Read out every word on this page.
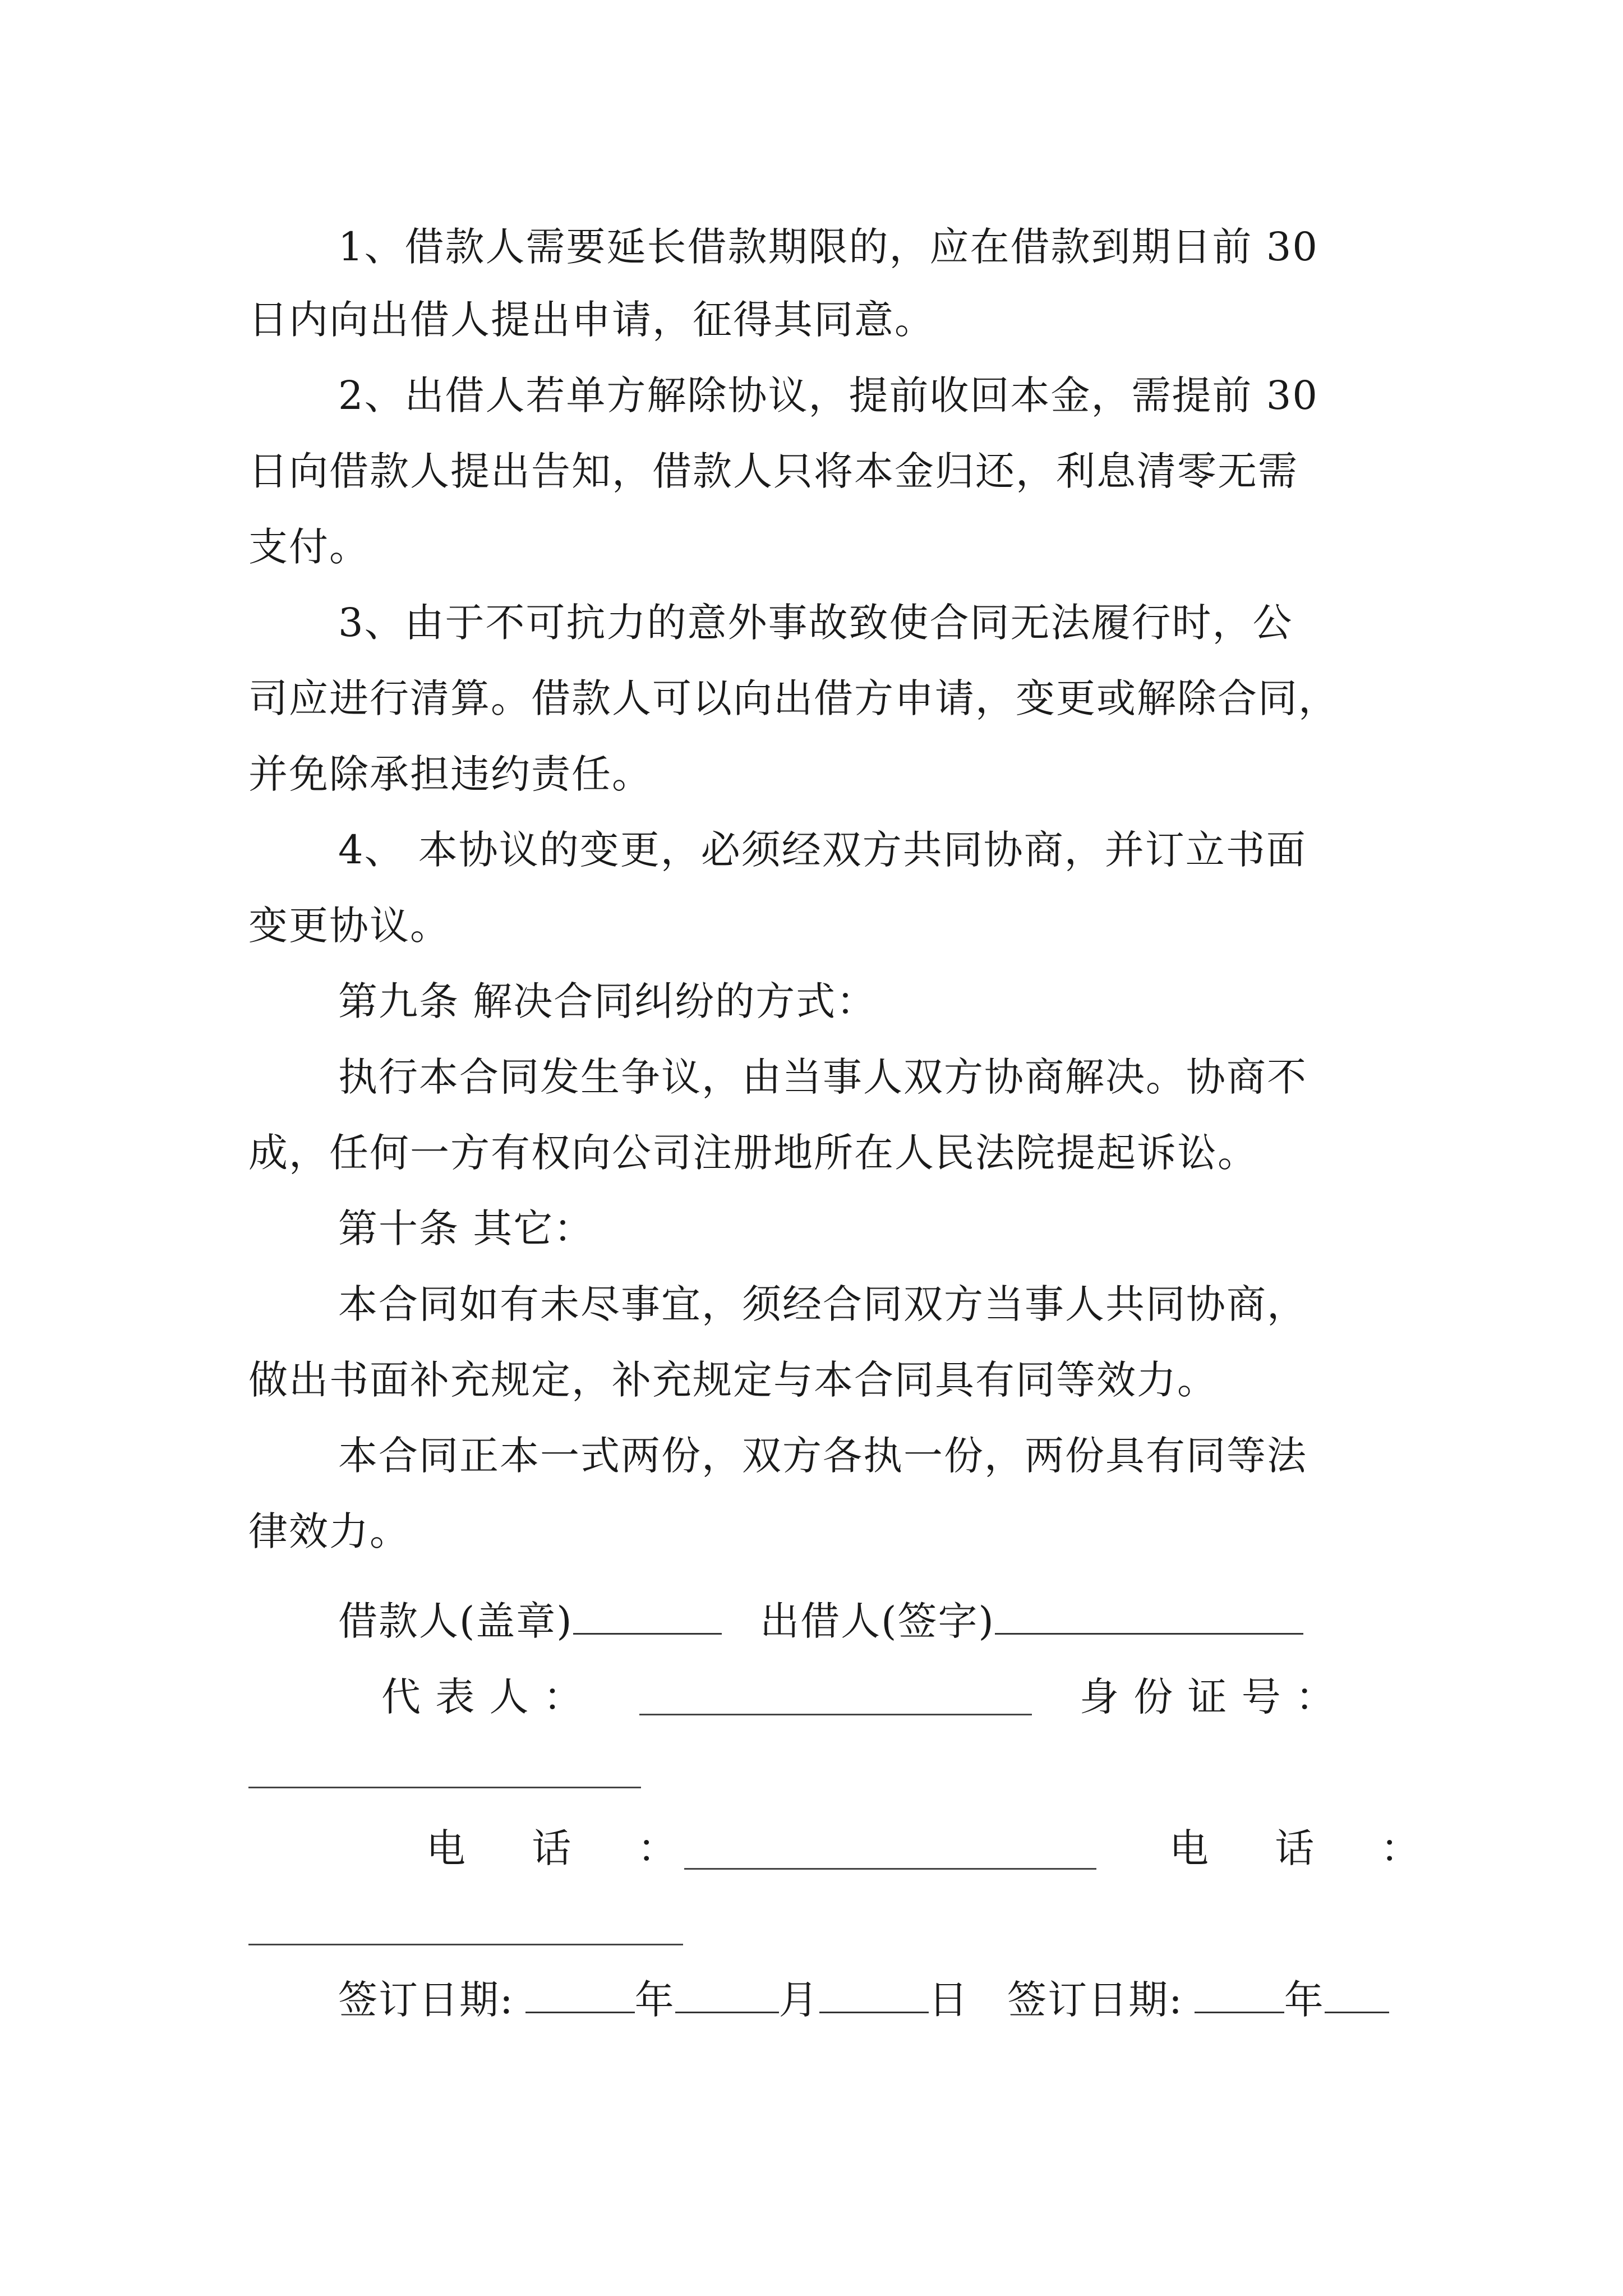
1、借款人需要延长借款期限的，应在借款到期日前 30
日内向出借人提出申请，征得其同意。
2、出借人若单方解除协议，提前收回本金，需提前 30
日向借款人提出告知，借款人只将本金归还，利息清零无需
支付。
3、由于不可抗力的意外事故致使合同无法履行时，公
司应进行清算。借款人可以向出借方申请，变更或解除合同，
并免除承担违约责任。
4、 本协议的变更，必须经双方共同协商，并订立书面
变更协议。
第九条 解决合同纠纷的方式：
执行本合同发生争议，由当事人双方协商解决。协商不
成，任何一方有权向公司注册地所在人民法院提起诉讼。
第十条 其它：
本合同如有未尽事宜，须经合同双方当事人共同协商，
做出书面补充规定，补充规定与本合同具有同等效力。
本合同正本一式两份，双方各执一份，两份具有同等法
律效力。
借款人(盖章)	出借人(签字)
代 表 人 ：	身 份 证 号 ：
电 话 ：	电 话 ：
签订日期:	年	月	日 签订日期:	年
